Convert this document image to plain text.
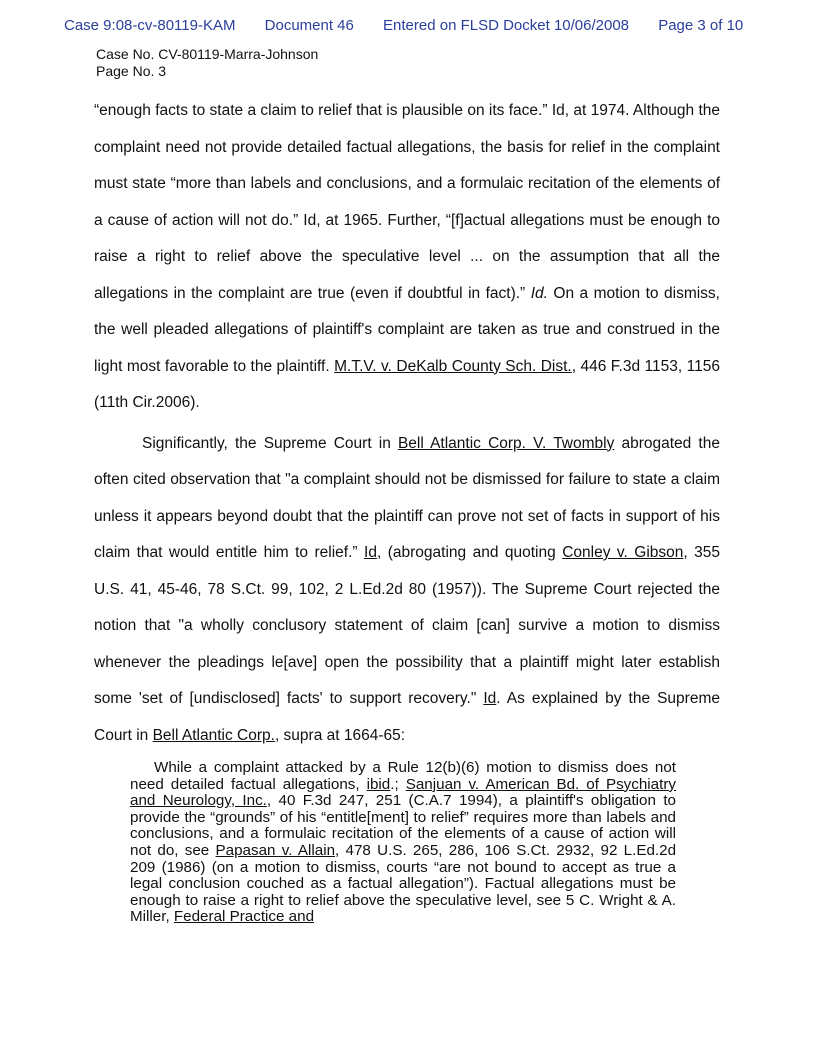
Case 9:08-cv-80119-KAM Document 46 Entered on FLSD Docket 10/06/2008 Page 3 of 10
Case No. CV-80119-Marra-Johnson
Page No. 3

“enough facts to state a claim to relief that is plausible on its face.” Id, at 1974. Although the complaint need not provide detailed factual allegations, the basis for relief in the complaint must state “more than labels and conclusions, and a formulaic recitation of the elements of a cause of action will not do.” Id, at 1965. Further, “[f]actual allegations must be enough to raise a right to relief above the speculative level ... on the assumption that all the allegations in the complaint are true (even if doubtful in fact).” Id. On a motion to dismiss, the well pleaded allegations of plaintiff's complaint are taken as true and construed in the light most favorable to the plaintiff. M.T.V. v. DeKalb County Sch. Dist., 446 F.3d 1153, 1156 (11th Cir.2006).

Significantly, the Supreme Court in Bell Atlantic Corp. V. Twombly abrogated the often cited observation that "a complaint should not be dismissed for failure to state a claim unless it appears beyond doubt that the plaintiff can prove not set of facts in support of his claim that would entitle him to relief.” Id, (abrogating and quoting Conley v. Gibson, 355 U.S. 41, 45-46, 78 S.Ct. 99, 102, 2 L.Ed.2d 80 (1957)). The Supreme Court rejected the notion that "a wholly conclusory statement of claim [can] survive a motion to dismiss whenever the pleadings le[ave] open the possibility that a plaintiff might later establish some 'set of [undisclosed] facts' to support recovery." Id. As explained by the Supreme Court in Bell Atlantic Corp., supra at 1664-65:

While a complaint attacked by a Rule 12(b)(6) motion to dismiss does not need detailed factual allegations, ibid.; Sanjuan v. American Bd. of Psychiatry and Neurology, Inc., 40 F.3d 247, 251 (C.A.7 1994), a plaintiff's obligation to provide the “grounds” of his “entitle[ment] to relief” requires more than labels and conclusions, and a formulaic recitation of the elements of a cause of action will not do, see Papasan v. Allain, 478 U.S. 265, 286, 106 S.Ct. 2932, 92 L.Ed.2d 209 (1986) (on a motion to dismiss, courts “are not bound to accept as true a legal conclusion couched as a factual allegation”). Factual allegations must be enough to raise a right to relief above the speculative level, see 5 C. Wright & A. Miller, Federal Practice and
